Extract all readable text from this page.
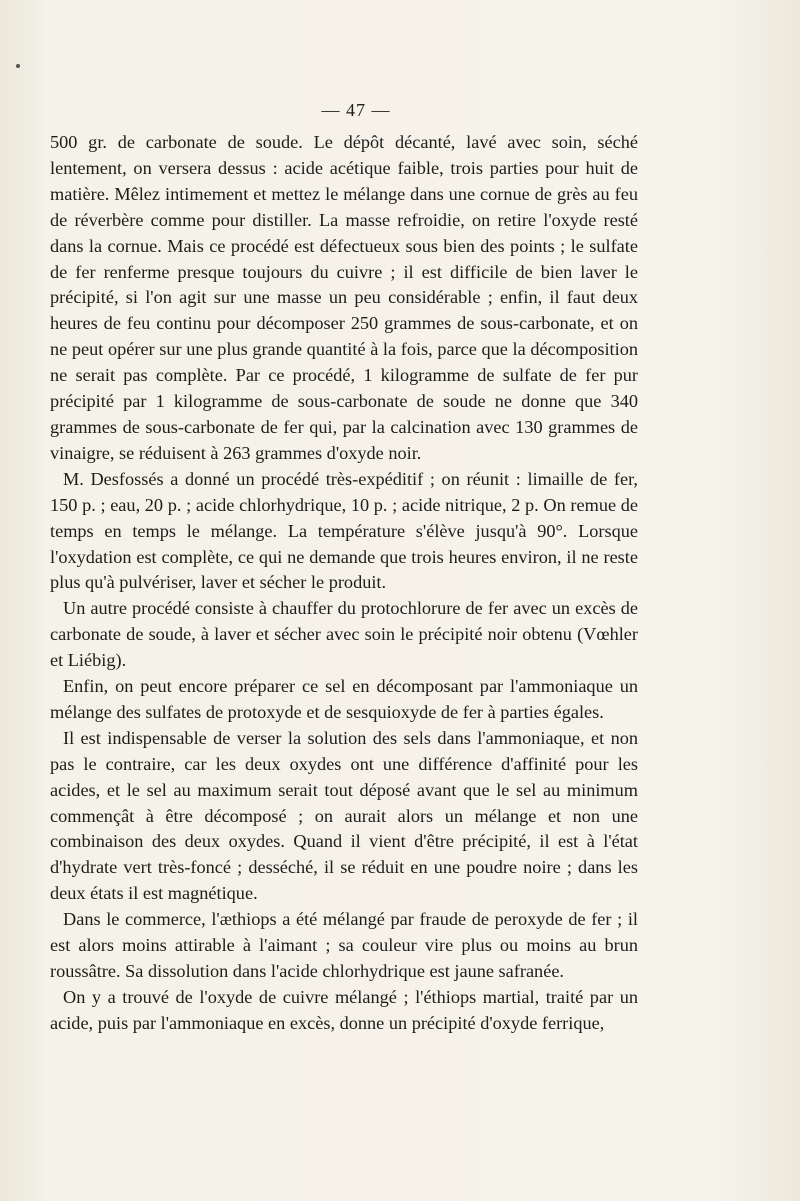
— 47 —

500 gr. de carbonate de soude. Le dépôt décanté, lavé avec soin, séché lentement, on versera dessus : acide acétique faible, trois parties pour huit de matière. Mêlez intimement et mettez le mélange dans une cornue de grès au feu de réverbère comme pour distiller. La masse refroidie, on retire l'oxyde resté dans la cornue. Mais ce procédé est défectueux sous bien des points ; le sulfate de fer renferme presque toujours du cuivre ; il est difficile de bien laver le précipité, si l'on agit sur une masse un peu considérable ; enfin, il faut deux heures de feu continu pour décomposer 250 grammes de sous-carbonate, et on ne peut opérer sur une plus grande quantité à la fois, parce que la décomposition ne serait pas complète. Par ce procédé, 1 kilogramme de sulfate de fer pur précipité par 1 kilogramme de sous-carbonate de soude ne donne que 340 grammes de sous-carbonate de fer qui, par la calcination avec 130 grammes de vinaigre, se réduisent à 263 grammes d'oxyde noir.

M. Desfossés a donné un procédé très-expéditif ; on réunit : limaille de fer, 150 p. ; eau, 20 p. ; acide chlorhydrique, 10 p. ; acide nitrique, 2 p. On remue de temps en temps le mélange. La température s'élève jusqu'à 90°. Lorsque l'oxydation est complète, ce qui ne demande que trois heures environ, il ne reste plus qu'à pulvériser, laver et sécher le produit.

Un autre procédé consiste à chauffer du protochlorure de fer avec un excès de carbonate de soude, à laver et sécher avec soin le précipité noir obtenu (Vœhler et Liébig).

Enfin, on peut encore préparer ce sel en décomposant par l'ammoniaque un mélange des sulfates de protoxyde et de sesquioxyde de fer à parties égales.

Il est indispensable de verser la solution des sels dans l'ammoniaque, et non pas le contraire, car les deux oxydes ont une différence d'affinité pour les acides, et le sel au maximum serait tout déposé avant que le sel au minimum commençât à être décomposé ; on aurait alors un mélange et non une combinaison des deux oxydes. Quand il vient d'être précipité, il est à l'état d'hydrate vert très-foncé ; desséché, il se réduit en une poudre noire ; dans les deux états il est magnétique.

Dans le commerce, l'æthiops a été mélangé par fraude de peroxyde de fer ; il est alors moins attirable à l'aimant ; sa couleur vire plus ou moins au brun roussâtre. Sa dissolution dans l'acide chlorhydrique est jaune safranée.

On y a trouvé de l'oxyde de cuivre mélangé ; l'éthiops martial, traité par un acide, puis par l'ammoniaque en excès, donne un précipité d'oxyde ferrique,
